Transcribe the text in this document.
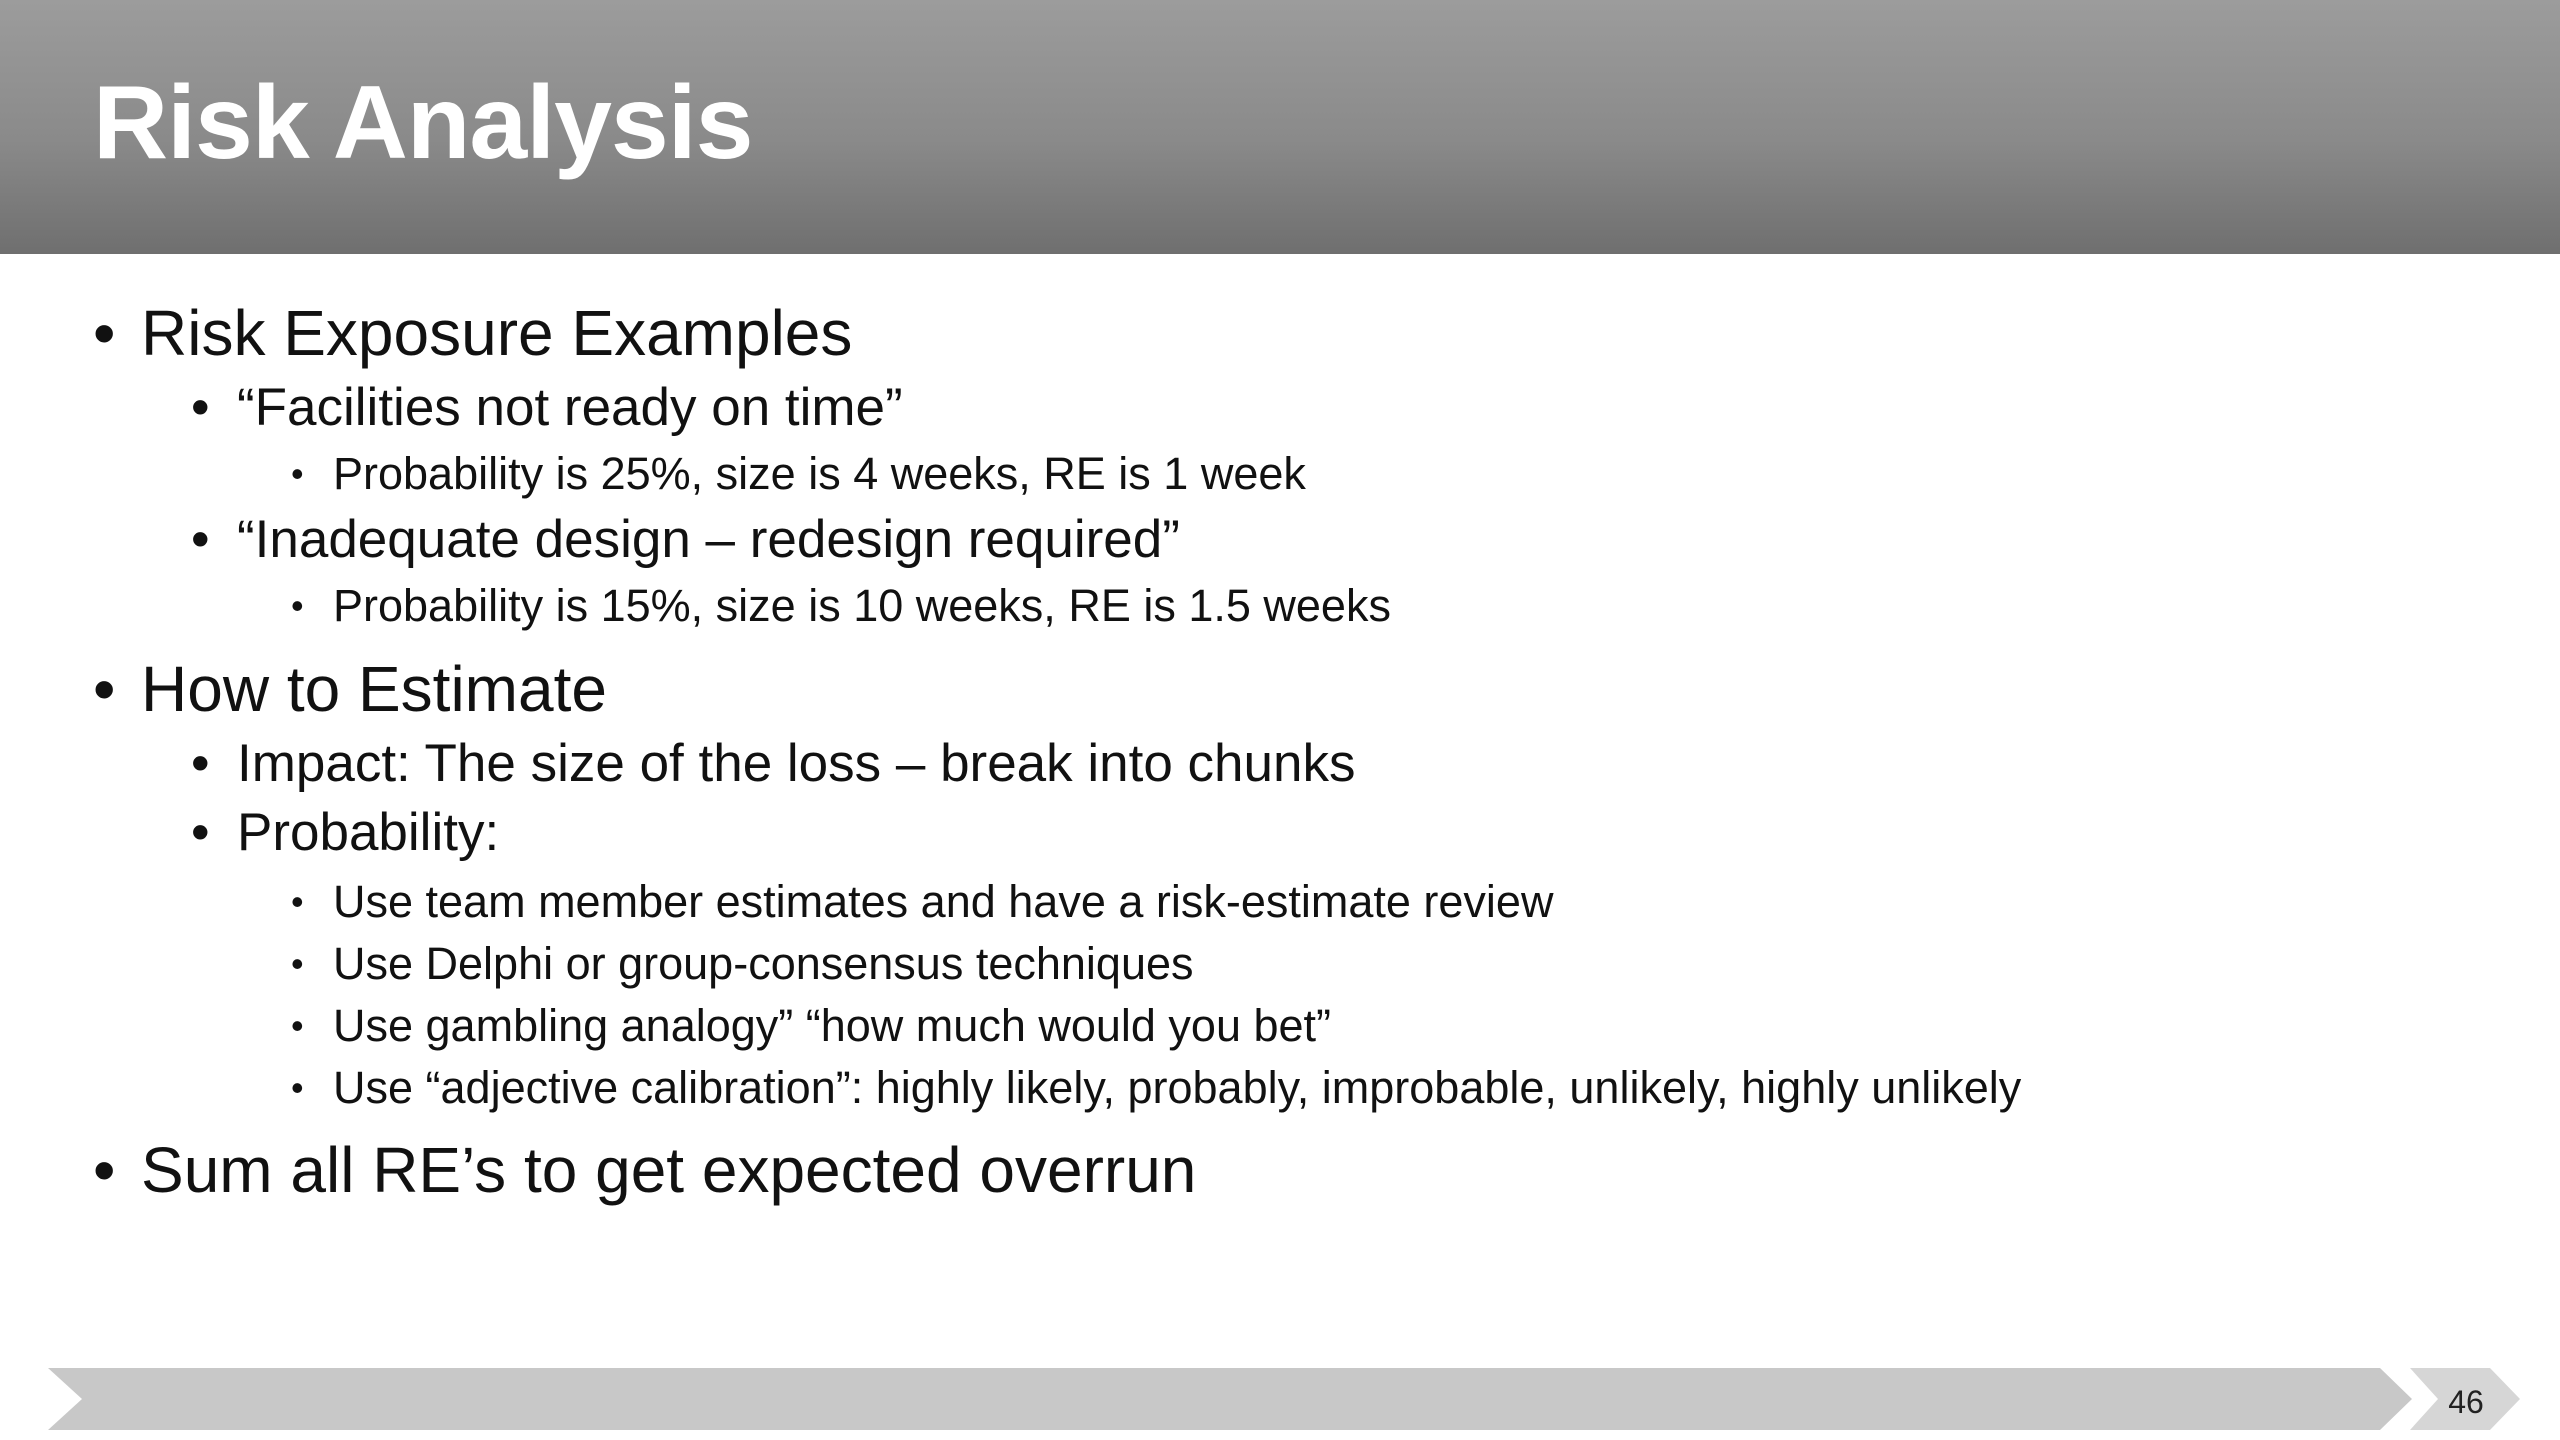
Risk Analysis
• Risk Exposure Examples
• “Facilities not ready on time”
• Probability is 25%, size is 4 weeks, RE is 1 week
• “Inadequate design – redesign required”
• Probability is 15%, size is 10 weeks, RE is 1.5 weeks
• How to Estimate
• Impact: The size of the loss – break into chunks
• Probability:
• Use team member estimates and have a risk-estimate review
• Use Delphi or group-consensus techniques
• Use gambling analogy” “how much would you bet”
• Use “adjective calibration”: highly likely, probably, improbable, unlikely, highly unlikely
• Sum all RE’s to get expected overrun
46
